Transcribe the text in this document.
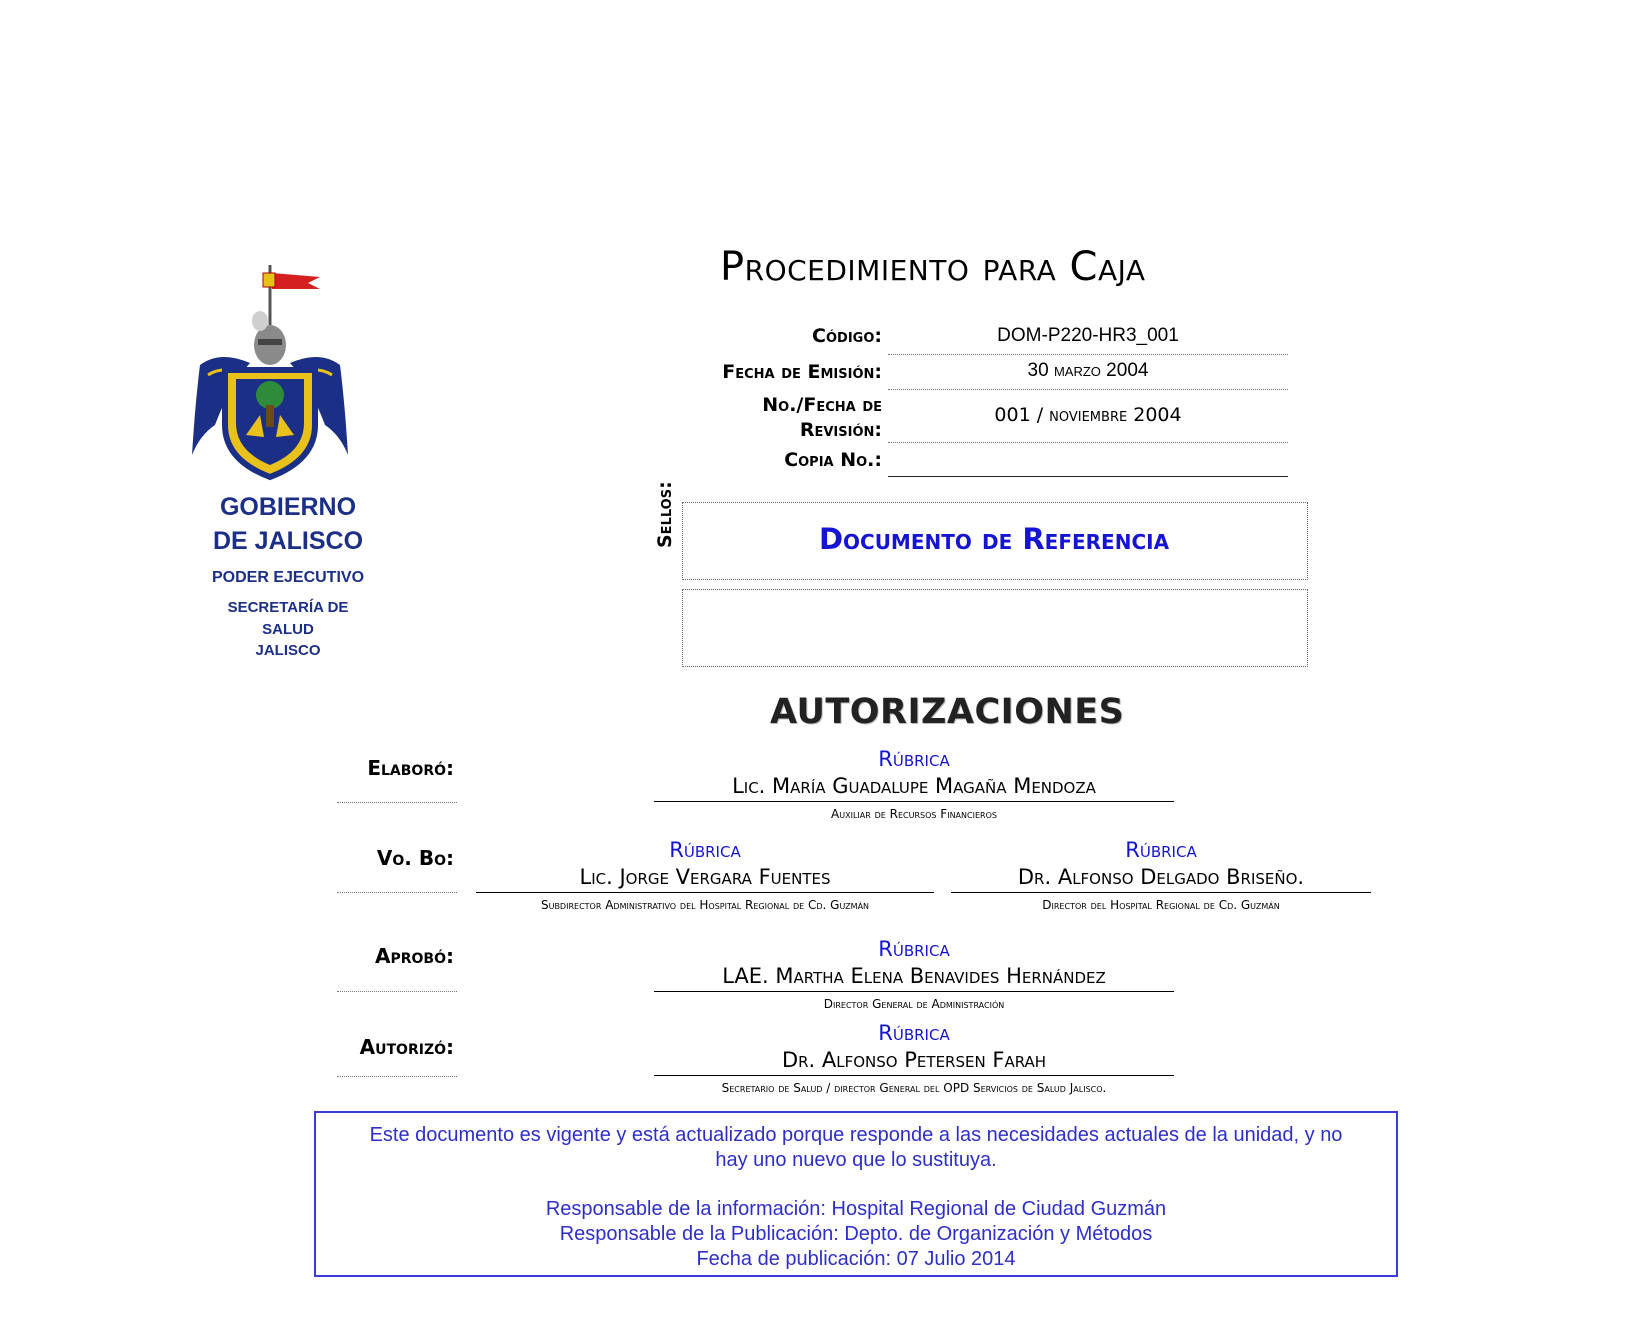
GOBIERNO
DE JALISCO
PODER EJECUTIVO
SECRETARÍA DE
SALUD
JALISCO
Procedimiento para Caja
Código:	DOM-P220-HR3_001
Fecha de Emisión:	30 marzo 2004
No./Fecha de
Revisión:
001 / noviembre 2004
Copia No.:
Sellos:	Documento de Referencia
AUTORIZACIONES
Elaboró:	Rúbrica
Lic. María Guadalupe Magaña Mendoza
Auxiliar de Recursos Financieros
Vo. Bo:	Rúbrica
Lic. Jorge Vergara Fuentes
Subdirector Administrativo del Hospital Regional de Cd. Guzmán
Rúbrica
Dr. Alfonso Delgado Briseño.
Director del Hospital Regional de Cd. Guzmán
Aprobó:	Rúbrica
LAE. Martha Elena Benavides Hernández
Director General de Administración
Autorizó:
Rúbrica
Dr. Alfonso Petersen Farah
Secretario de Salud / director General del OPD Servicios de Salud Jalisco.

Este documento es vigente y está actualizado porque responde a las necesidades actuales de la unidad, y no

hay uno nuevo que lo sustituya.

Responsable de la información: Hospital Regional de Ciudad Guzmán

Responsable de la Publicación: Depto. de Organización y Métodos

Fecha de publicación: 07 Julio 2014
